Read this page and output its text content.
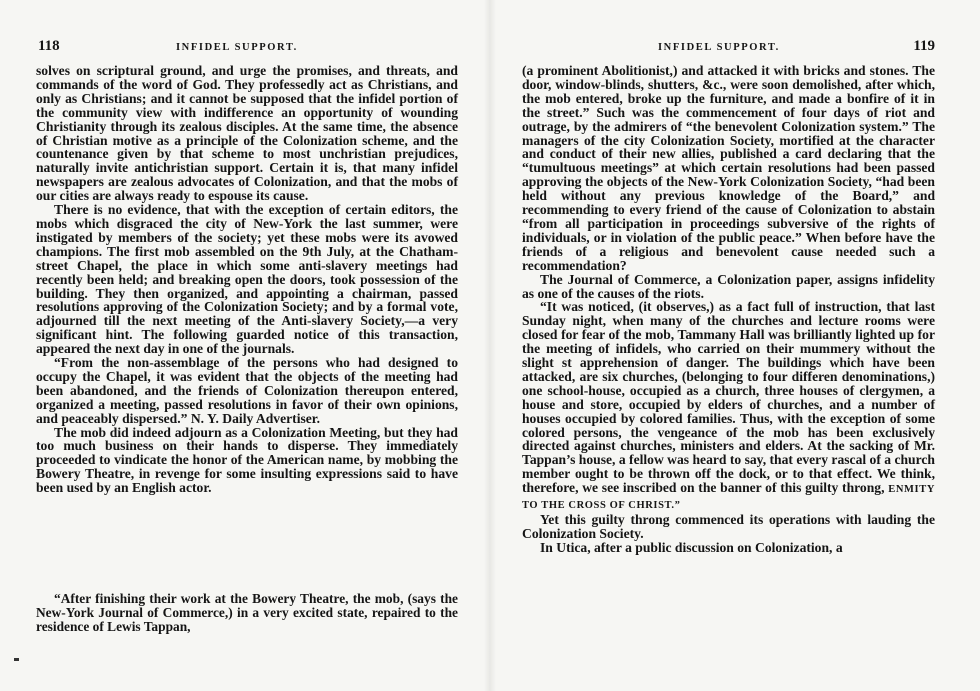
118	INFIDEL SUPPORT.

solves on scriptural ground, and urge the promises, and threats, and commands of the word of God. They professedly act as Christians, and only as Christians; and it cannot be supposed that the infidel portion of the community view with indifference an opportunity of wounding Christianity through its zealous disciples. At the same time, the absence of Christian motive as a principle of the Colonization scheme, and the countenance given by that scheme to most unchristian prejudices, naturally invite antichristian support. Certain it is, that many infidel newspapers are zealous advocates of Colonization, and that the mobs of our cities are always ready to espouse its cause.

There is no evidence, that with the exception of certain editors, the mobs which disgraced the city of New-York the last summer, were instigated by members of the society; yet these mobs were its avowed champions. The first mob assembled on the 9th July, at the Chatham-street Chapel, the place in which some anti-slavery meetings had recently been held; and breaking open the doors, took possession of the building. They then organized, and appointing a chairman, passed resolutions approving of the Colonization Society; and by a formal vote, adjourned till the next meeting of the Anti-slavery Society,—a very significant hint. The following guarded notice of this transaction, appeared the next day in one of the journals.

“From the non-assemblage of the persons who had designed to occupy the Chapel, it was evident that the objects of the meeting had been abandoned, and the friends of Colonization thereupon entered, organized a meeting, passed resolutions in favor of their own opinions, and peaceably dispersed.” N. Y. Daily Advertiser.

The mob did indeed adjourn as a Colonization Meeting, but they had too much business on their hands to disperse. They immediately proceeded to vindicate the honor of the American name, by mobbing the Bowery Theatre, in revenge for some insulting expressions said to have been used by an English actor.

“After finishing their work at the Bowery Theatre, the mob, (says the New-York Journal of Commerce,) in a very excited state, repaired to the residence of Lewis Tappan,

INFIDEL SUPPORT.	119

(a prominent Abolitionist,) and attacked it with bricks and stones. The door, window-blinds, shutters, &c., were soon demolished, after which, the mob entered, broke up the furniture, and made a bonfire of it in the street.” Such was the commencement of four days of riot and outrage, by the admirers of “the benevolent Colonization system.” The managers of the city Colonization Society, mortified at the character and conduct of their new allies, published a card declaring that the “tumultuous meetings” at which certain resolutions had been passed approving the objects of the New-York Colonization Society, “had been held without any previous knowledge of the Board,” and recommending to every friend of the cause of Colonization to abstain “from all participation in proceedings subversive of the rights of individuals, or in violation of the public peace.” When before have the friends of a religious and benevolent cause needed such a recommendation?

The Journal of Commerce, a Colonization paper, assigns infidelity as one of the causes of the riots.

“It was noticed, (it observes,) as a fact full of instruction, that last Sunday night, when many of the churches and lecture rooms were closed for fear of the mob, Tammany Hall was brilliantly lighted up for the meeting of infidels, who carried on their mummery without the slight st apprehension of danger. The buildings which have been attacked, are six churches, (belonging to four differen denominations,) one school-house, occupied as a church, three houses of clergymen, a house and store, occupied by elders of churches, and a number of houses occupied by colored families. Thus, with the exception of some colored persons, the vengeance of the mob has been exclusively directed against churches, ministers and elders. At the sacking of Mr. Tappan’s house, a fellow was heard to say, that every rascal of a church member ought to be thrown off the dock, or to that effect. We think, therefore, we see inscribed on the banner of this guilty throng, ENMITY TO THE CROSS OF CHRIST.”

Yet this guilty throng commenced its operations with lauding the Colonization Society.

In Utica, after a public discussion on Colonization, a
